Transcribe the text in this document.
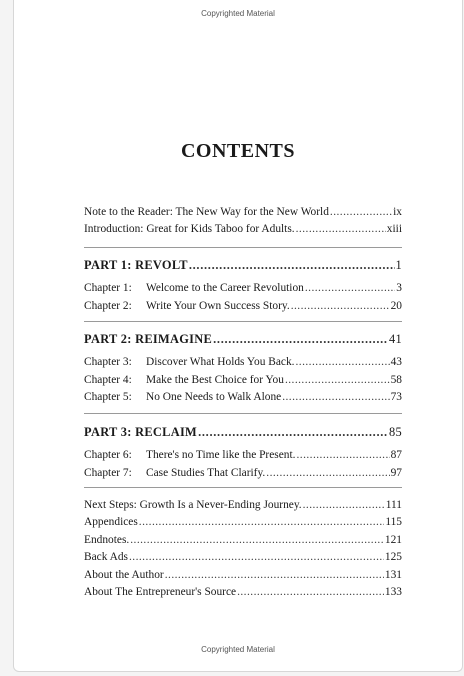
Copyrighted Material
CONTENTS
Note to the Reader: The New Way for the New World . . .	ix
Introduction: Great for Kids Taboo for Adults. . . .	xiii
PART 1: REVOLT . . .	1
Chapter 1: Welcome to the Career Revolution . . .	3
Chapter 2: Write Your Own Success Story. . . .	20
PART 2: REIMAGINE . . .	41
Chapter 3: Discover What Holds You Back. . . .	43
Chapter 4: Make the Best Choice for You . . .	58
Chapter 5: No One Needs to Walk Alone . . .	73
PART 3: RECLAIM . . .	85
Chapter 6: There's no Time like the Present. . . .	87
Chapter 7: Case Studies That Clarify. . . .	97
Next Steps: Growth Is a Never-Ending Journey. . . .	111
Appendices . . .	115
Endnotes. . . .	121
Back Ads . . .	125
About the Author . . .	131
About The Entrepreneur's Source . . .	133
Copyrighted Material
